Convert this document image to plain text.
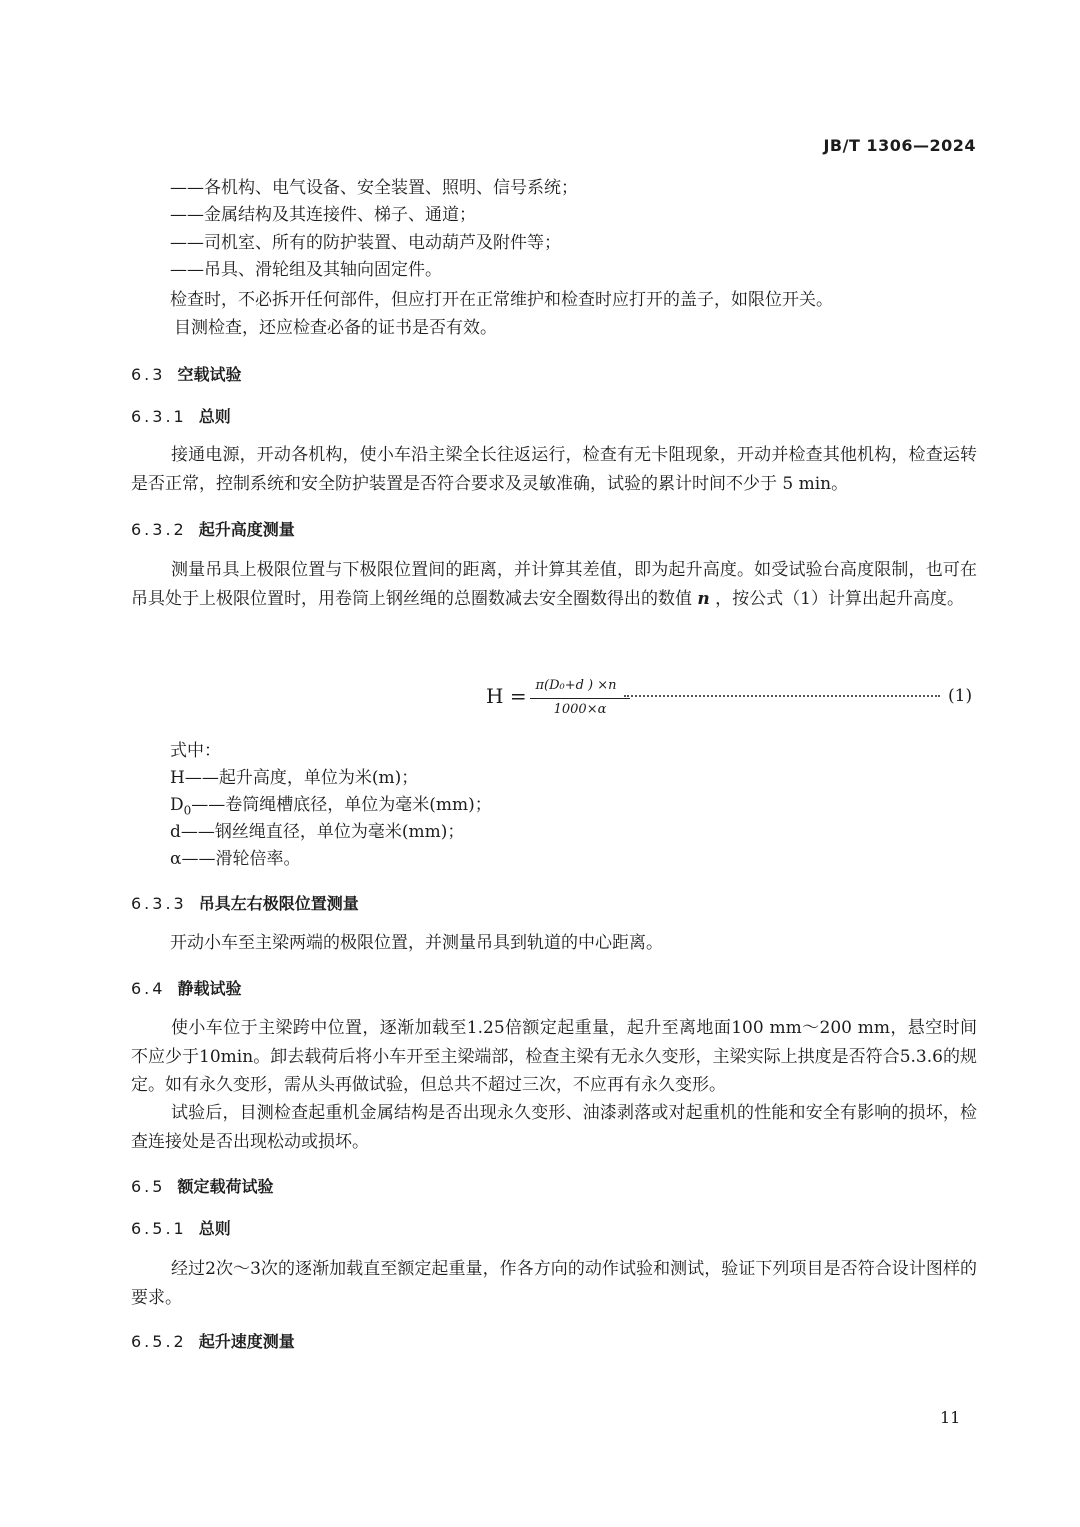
JB/T 1306—2024
——各机构、电气设备、安全装置、照明、信号系统；
——金属结构及其连接件、梯子、通道；
——司机室、所有的防护装置、电动葫芦及附件等；
——吊具、滑轮组及其轴向固定件。
检查时，不必拆开任何部件，但应打开在正常维护和检查时应打开的盖子，如限位开关。
目测检查，还应检查必备的证书是否有效。
6.3 空载试验
6.3.1 总则
接通电源，开动各机构，使小车沿主梁全长往返运行，检查有无卡阻现象，开动并检查其他机构，检查运转是否正常，控制系统和安全防护装置是否符合要求及灵敏准确，试验的累计时间不少于 5 min。
6.3.2 起升高度测量
测量吊具上极限位置与下极限位置间的距离，并计算其差值，即为起升高度。如受试验台高度限制，也可在吊具处于上极限位置时，用卷筒上钢丝绳的总圈数减去安全圈数得出的数值 n ，按公式（1）计算出起升高度。
H = π(D₀+d ) ×n
1000×α
(1)
式中：
H——起升高度，单位为米(m)；
$D_0——$卷筒绳槽底径，单位为毫米(mm)；
d——钢丝绳直径，单位为毫米(mm)；
α——滑轮倍率。
6.3.3 吊具左右极限位置测量
开动小车至主梁两端的极限位置，并测量吊具到轨道的中心距离。
6.4 静载试验
使小车位于主梁跨中位置，逐渐加载至1.25倍额定起重量，起升至离地面100 mm～200 mm，悬空时间不应少于10min。卸去载荷后将小车开至主梁端部，检查主梁有无永久变形，主梁实际上拱度是否符合5.3.6的规定。如有永久变形，需从头再做试验，但总共不超过三次，不应再有永久变形。
试验后，目测检查起重机金属结构是否出现永久变形、油漆剥落或对起重机的性能和安全有影响的损坏，检查连接处是否出现松动或损坏。
6.5 额定载荷试验
6.5.1 总则
经过2次～3次的逐渐加载直至额定起重量，作各方向的动作试验和测试，验证下列项目是否符合设计图样的要求。
6.5.2 起升速度测量
11
